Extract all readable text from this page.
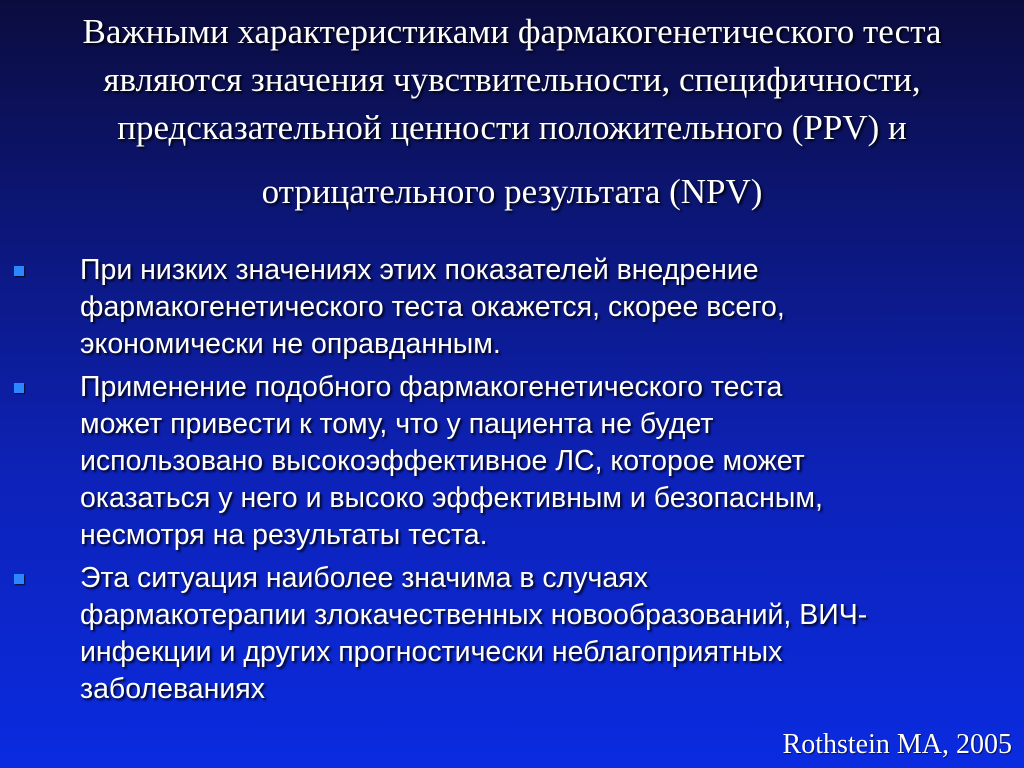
Важными характеристиками фармакогенетического теста
являются значения чувствительности, специфичности,
предсказательной ценности положительного (PPV) и
отрицательного результата (NPV)
При низких значениях этих показателей внедрение
фармакогенетического теста окажется, скорее всего,
экономически не оправданным.
Применение подобного фармакогенетического теста
может привести к тому, что у пациента не будет
использовано высокоэффективное ЛС, которое может
оказаться у него и высоко эффективным и безопасным,
несмотря на результаты теста.
Эта ситуация наиболее значима в случаях
фармакотерапии злокачественных новообразований, ВИЧ-
инфекции и других прогностически неблагоприятных
заболеваниях
Rothstein MA, 2005
